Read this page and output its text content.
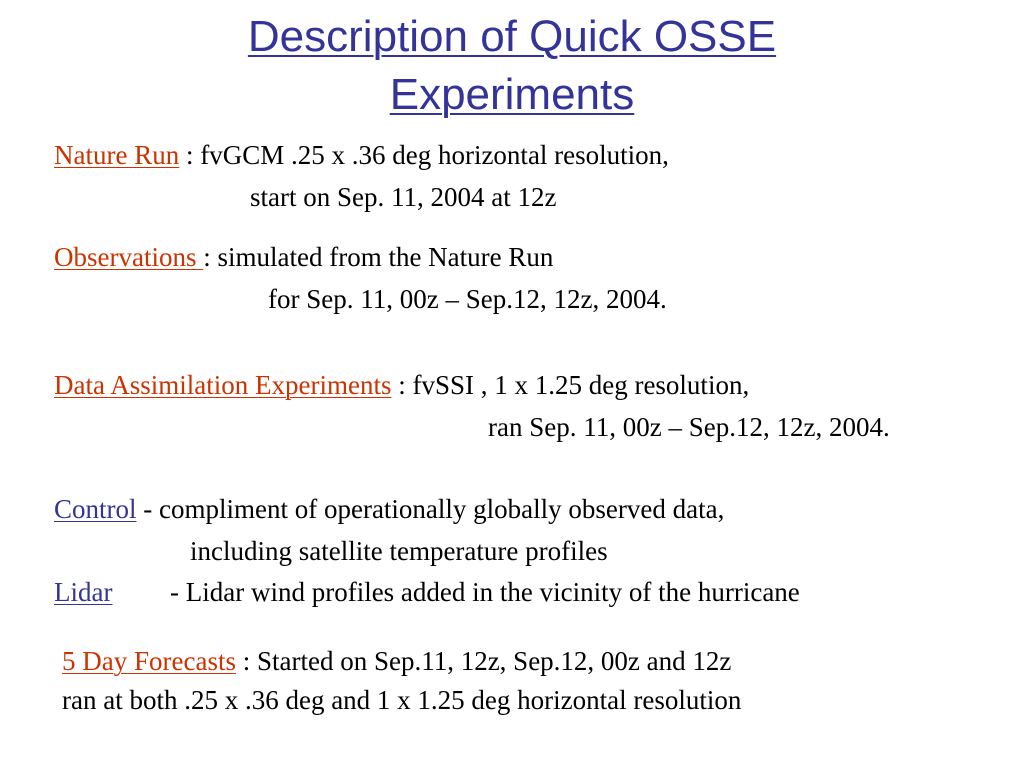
Description of Quick OSSE
Experiments
Nature Run : fvGCM .25 x .36 deg horizontal resolution,
start on Sep. 11, 2004 at 12z
Observations : simulated from the Nature Run
for Sep. 11, 00z – Sep.12, 12z, 2004.
Data Assimilation Experiments : fvSSI , 1 x 1.25 deg resolution,
ran Sep. 11, 00z – Sep.12, 12z, 2004.
Control - compliment of operationally globally observed data,
including satellite temperature profiles
Lidar - Lidar wind profiles added in the vicinity of the hurricane
5 Day Forecasts : Started on Sep.11, 12z, Sep.12, 00z and 12z
ran at both .25 x .36 deg and 1 x 1.25 deg horizontal resolution
